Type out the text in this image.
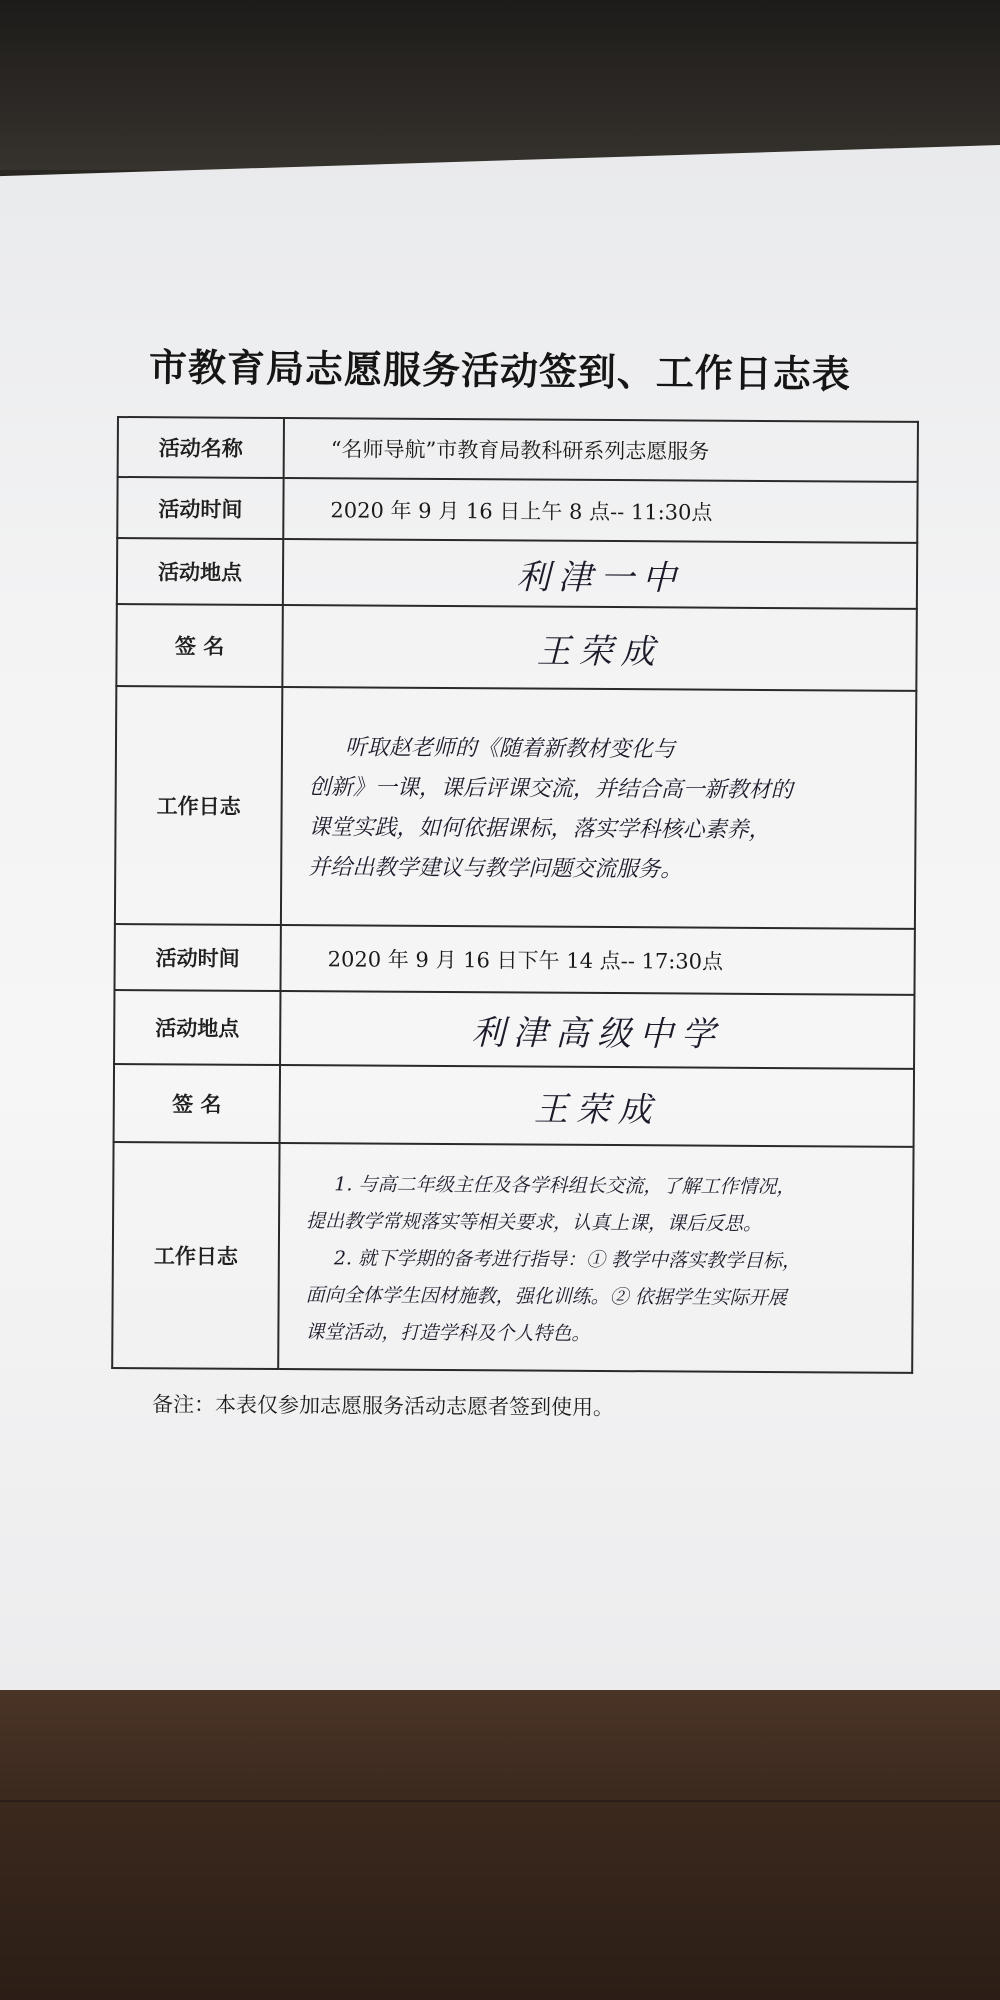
市教育局志愿服务活动签到、工作日志表
活动名称	“名师导航”市教育局教科研系列志愿服务

活动时间	2020 年 9 月 16 日上午 8 点-- 11:30点

活动地点	利津一中

签 名	王荣成

工作日志	听取赵老师的《随着新教材变化与

创新》一课，课后评课交流，并结合高一新教材的

课堂实践，如何依据课标，落实学科核心素养，

并给出教学建议与教学问题交流服务。

活动时间	2020 年 9 月 16 日下午 14 点-- 17:30点

活动地点	利津高级中学

签 名	王荣成

工作日志	1. 与高二年级主任及各学科组长交流，了解工作情况，

提出教学常规落实等相关要求，认真上课，课后反思。

2. 就下学期的备考进行指导：① 教学中落实教学目标，

面向全体学生因材施教，强化训练。② 依据学生实际开展

课堂活动，打造学科及个人特色。

备注：本表仅参加志愿服务活动志愿者签到使用。
